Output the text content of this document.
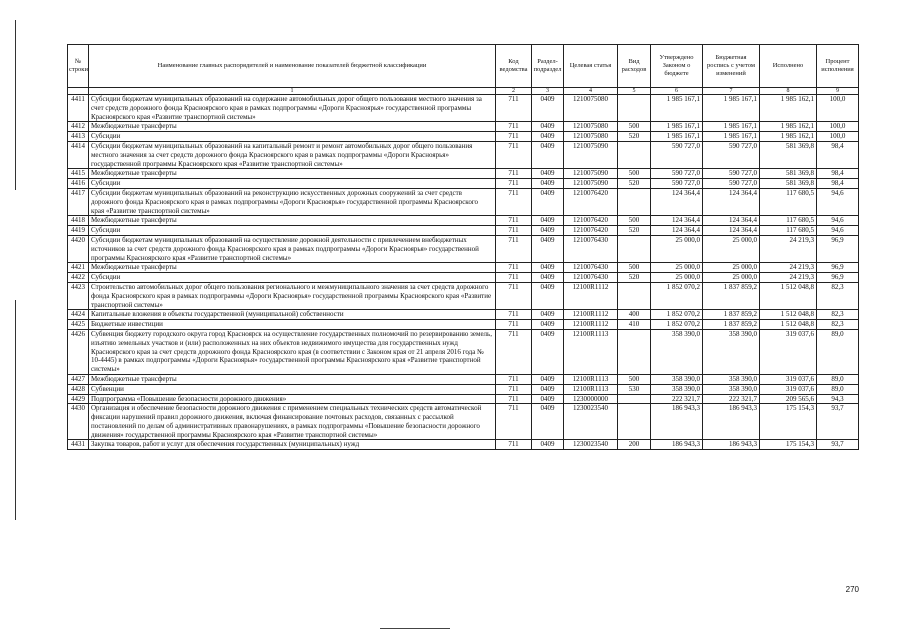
№ строки	Наименование главных распорядителей и наименование показателей бюджетной классификации	Код ведомства	Раздел-подраздел	Целевая статья	Вид расходов	Утверждено Законом о бюджете	Бюджетная роспись с учетом изменений	Исполнено	Процент исполнения
	1	2	3	4	5	6	7	8	9
4411	Субсидии бюджетам муниципальных образований на содержание автомобильных дорог общего пользования местного значения за счет средств дорожного фонда Красноярского края в рамках подпрограммы «Дороги Красноярья» государственной программы Красноярского края «Развитие транспортной системы»	711	0409	1210075080		1 985 167,1	1 985 167,1	1 985 162,1	100,0
4412	Межбюджетные трансферты	711	0409	1210075080	500	1 985 167,1	1 985 167,1	1 985 162,1	100,0
4413	Субсидии	711	0409	1210075080	520	1 985 167,1	1 985 167,1	1 985 162,1	100,0
4414	Субсидии бюджетам муниципальных образований на капитальный ремонт и ремонт автомобильных дорог общего пользования местного значения за счет средств дорожного фонда Красноярского края в рамках подпрограммы «Дороги Красноярья» государственной программы Красноярского края «Развитие транспортной системы»	711	0409	1210075090		590 727,0	590 727,0	581 369,8	98,4
4415	Межбюджетные трансферты	711	0409	1210075090	500	590 727,0	590 727,0	581 369,8	98,4
4416	Субсидии	711	0409	1210075090	520	590 727,0	590 727,0	581 369,8	98,4
4417	Субсидии бюджетам муниципальных образований на реконструкцию искусственных дорожных сооружений за счет средств дорожного фонда Красноярского края в рамках подпрограммы «Дороги Красноярья» государственной программы Красноярского края «Развитие транспортной системы»	711	0409	1210076420		124 364,4	124 364,4	117 680,5	94,6
4418	Межбюджетные трансферты	711	0409	1210076420	500	124 364,4	124 364,4	117 680,5	94,6
4419	Субсидии	711	0409	1210076420	520	124 364,4	124 364,4	117 680,5	94,6
4420	Субсидии бюджетам муниципальных образований на осуществление дорожной деятельности с привлечением внебюджетных источников за счет средств дорожного фонда Красноярского края в рамках подпрограммы «Дороги Красноярья» государственной программы Красноярского края «Развитие транспортной системы»	711	0409	1210076430		25 000,0	25 000,0	24 219,3	96,9
4421	Межбюджетные трансферты	711	0409	1210076430	500	25 000,0	25 000,0	24 219,3	96,9
4422	Субсидии	711	0409	1210076430	520	25 000,0	25 000,0	24 219,3	96,9
4423	Строительство автомобильных дорог общего пользования регионального и межмуниципального значения за счет средств дорожного фонда Красноярского края в рамках подпрограммы «Дороги Красноярья» государственной программы Красноярского края «Развитие транспортной системы»	711	0409	12100R1112		1 852 070,2	1 837 859,2	1 512 048,8	82,3
4424	Капитальные вложения в объекты государственной (муниципальной) собственности	711	0409	12100R1112	400	1 852 070,2	1 837 859,2	1 512 048,8	82,3
4425	Бюджетные инвестиции	711	0409	12100R1112	410	1 852 070,2	1 837 859,2	1 512 048,8	82,3
4426	Субвенция бюджету городского округа город Красноярск на осуществление государственных полномочий по резервированию земель, изъятию земельных участков и (или) расположенных на них объектов недвижимого имущества для государственных нужд Красноярского края за счет средств дорожного фонда Красноярского края (в соответствии с Законом края от 21 апреля 2016 года № 10-4445) в рамках подпрограммы «Дороги Красноярья» государственной программы Красноярского края «Развитие транспортной системы»	711	0409	12100R1113		358 390,0	358 390,0	319 037,6	89,0
4427	Межбюджетные трансферты	711	0409	12100R1113	500	358 390,0	358 390,0	319 037,6	89,0
4428	Субвенции	711	0409	12100R1113	530	358 390,0	358 390,0	319 037,6	89,0
4429	Подпрограмма «Повышение безопасности дорожного движения»	711	0409	1230000000		222 321,7	222 321,7	209 565,6	94,3
4430	Организация и обеспечение безопасности дорожного движения с применением специальных технических средств автоматической фиксации нарушений правил дорожного движения, включая финансирование почтовых расходов, связанных с рассылкой постановлений по делам об административных правонарушениях, в рамках подпрограммы «Повышение безопасности дорожного движения» государственной программы Красноярского края «Развитие транспортной системы»	711	0409	1230023540		186 943,3	186 943,3	175 154,3	93,7
4431	Закупка товаров, работ и услуг для обеспечения государственных (муниципальных) нужд	711	0409	1230023540	200	186 943,3	186 943,3	175 154,3	93,7
270
